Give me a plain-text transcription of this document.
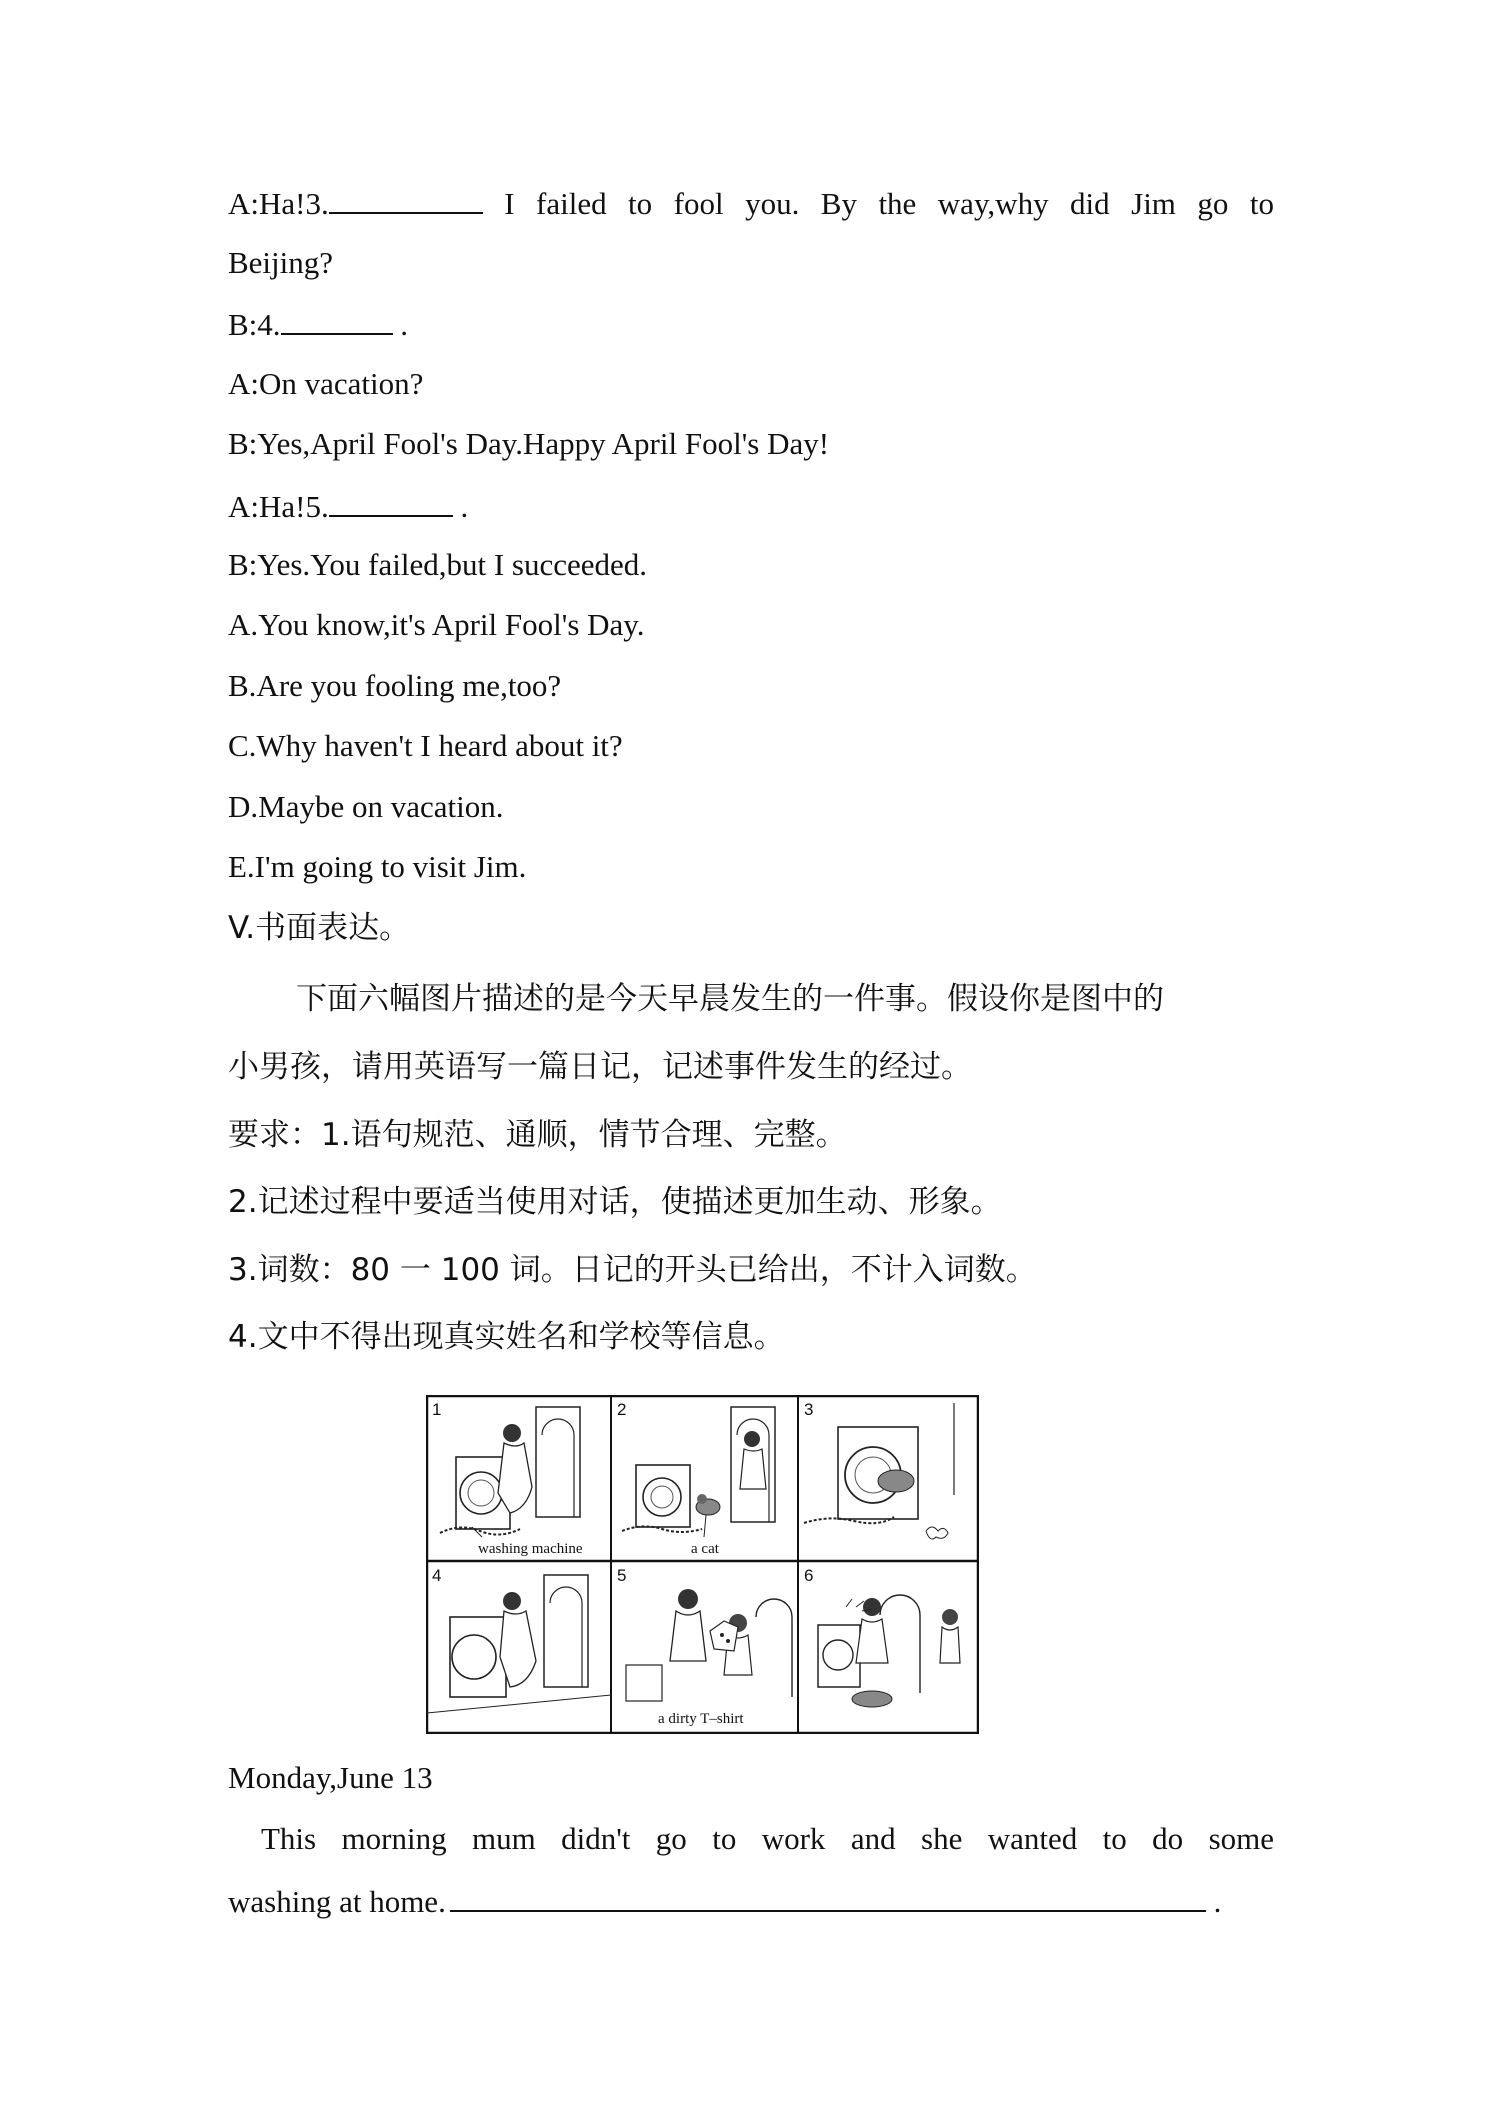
A:Ha!3.	I failed to fool you. By the way,why did Jim go to
Beijing?
B:4.	.
A:On vacation?
B:Yes,April Fool's Day.Happy April Fool's Day!
A:Ha!5.	.
B:Yes.You failed,but I succeeded.
A.You know,it's April Fool's Day.
B.Are you fooling me,too?
C.Why haven't I heard about it?
D.Maybe on vacation.
E.I'm going to visit Jim.
V.书面表达。
下面六幅图片描述的是今天早晨发生的一件事。假设你是图中的
小男孩，请用英语写一篇日记，记述事件发生的经过。
要求：1.语句规范、通顺，情节合理、完整。
2.记述过程中要适当使用对话，使描述更加生动、形象。
3.词数：80 一 100 词。日记的开头已给出，不计入词数。
4.文中不得出现真实姓名和学校等信息。
1
washing machine
2
a cat
3
4	5
a dirty T–shirt
6
Monday,June 13
This morning mum didn't go to work and she wanted to do some
washing at home.	.
